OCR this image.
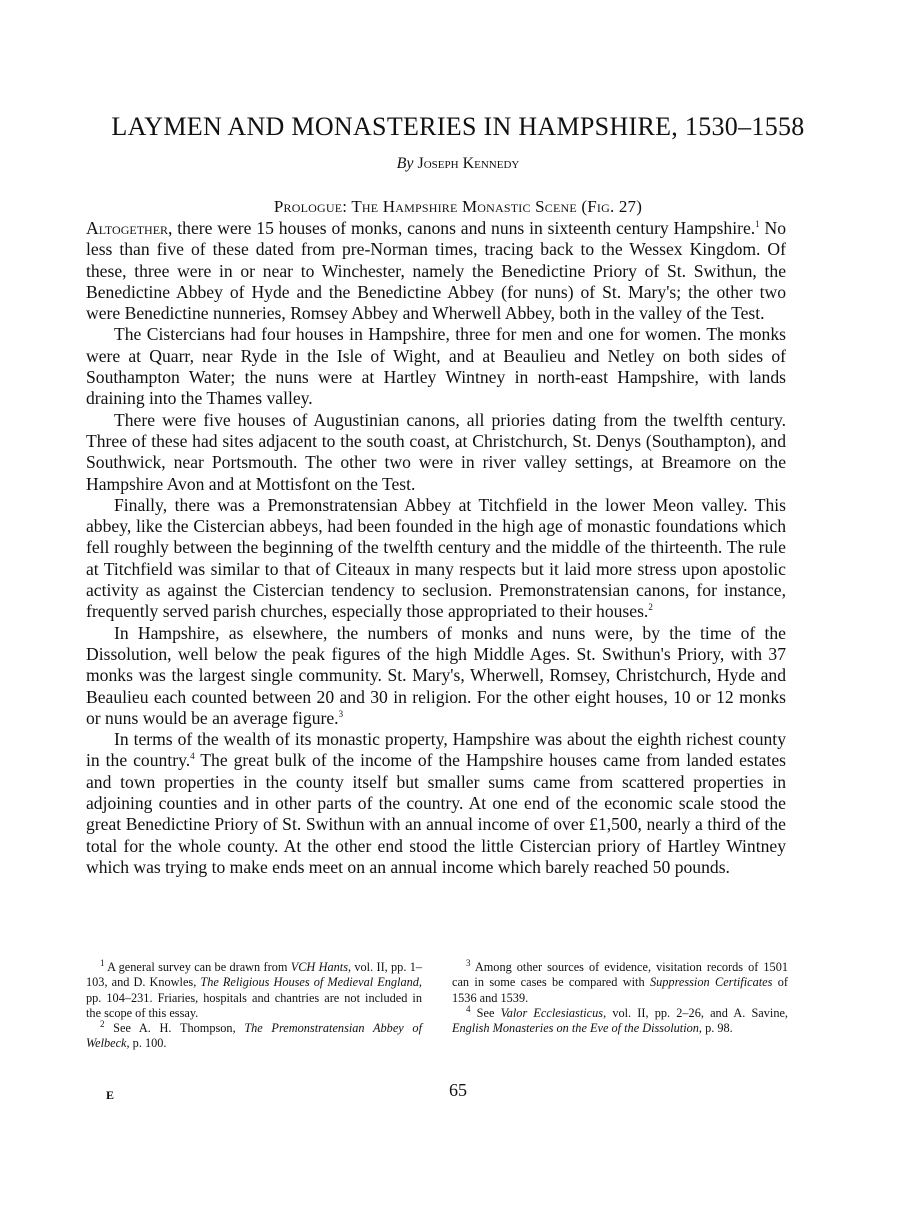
LAYMEN AND MONASTERIES IN HAMPSHIRE, 1530–1558
By Joseph Kennedy
Prologue: The Hampshire Monastic Scene (Fig. 27)

Altogether, there were 15 houses of monks, canons and nuns in sixteenth century Hampshire.$^1$ No less than five of these dated from pre-Norman times, tracing back to the Wessex Kingdom. Of these, three were in or near to Winchester, namely the Benedictine Priory of St. Swithun, the Benedictine Abbey of Hyde and the Benedictine Abbey (for nuns) of St. Mary's; the other two were Benedictine nunneries, Romsey Abbey and Wherwell Abbey, both in the valley of the Test.

The Cistercians had four houses in Hampshire, three for men and one for women. The monks were at Quarr, near Ryde in the Isle of Wight, and at Beaulieu and Netley on both sides of Southampton Water; the nuns were at Hartley Wintney in north-east Hampshire, with lands draining into the Thames valley.

There were five houses of Augustinian canons, all priories dating from the twelfth century. Three of these had sites adjacent to the south coast, at Christchurch, St. Denys (Southampton), and Southwick, near Portsmouth. The other two were in river valley settings, at Breamore on the Hampshire Avon and at Mottisfont on the Test.

Finally, there was a Premonstratensian Abbey at Titchfield in the lower Meon valley. This abbey, like the Cistercian abbeys, had been founded in the high age of monastic foundations which fell roughly between the beginning of the twelfth century and the middle of the thirteenth. The rule at Titchfield was similar to that of Citeaux in many respects but it laid more stress upon apostolic activity as against the Cistercian tendency to seclusion. Premonstratensian canons, for instance, frequently served parish churches, especially those appropriated to their houses.$^2$

In Hampshire, as elsewhere, the numbers of monks and nuns were, by the time of the Dissolution, well below the peak figures of the high Middle Ages. St. Swithun's Priory, with 37 monks was the largest single community. St. Mary's, Wherwell, Romsey, Christchurch, Hyde and Beaulieu each counted between 20 and 30 in religion. For the other eight houses, 10 or 12 monks or nuns would be an average figure.$^3$

In terms of the wealth of its monastic property, Hampshire was about the eighth richest county in the country.$^4$ The great bulk of the income of the Hampshire houses came from landed estates and town properties in the county itself but smaller sums came from scattered properties in adjoining counties and in other parts of the country. At one end of the economic scale stood the great Benedictine Priory of St. Swithun with an annual income of over £1,500, nearly a third of the total for the whole county. At the other end stood the little Cistercian priory of Hartley Wintney which was trying to make ends meet on an annual income which barely reached 50 pounds.

$^1$ A general survey can be drawn from VCH Hants, vol. II, pp. 1–103, and D. Knowles, The Religious Houses of Medieval England, pp. 104–231. Friaries, hospitals and chantries are not included in the scope of this essay.

$^2$ See A. H. Thompson, The Premonstratensian Abbey of Welbeck, p. 100.

$^3$ Among other sources of evidence, visitation records of 1501 can in some cases be compared with Suppression Certificates of 1536 and 1539.

$^4$ See Valor Ecclesiasticus, vol. II, pp. 2–26, and A. Savine, English Monasteries on the Eve of the Dissolution, p. 98.

E	65
